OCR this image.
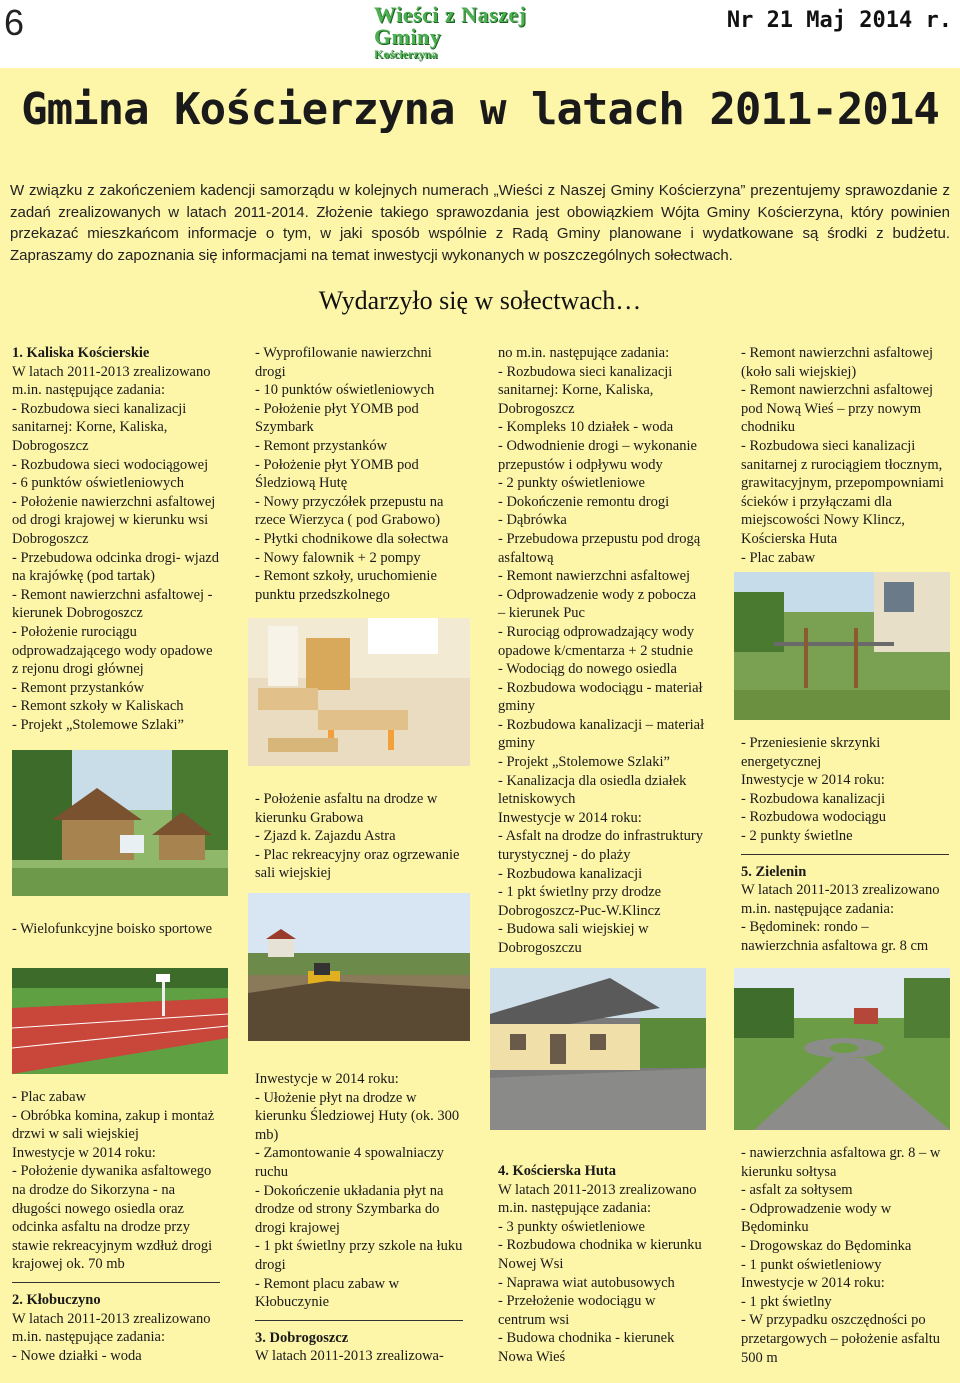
6	Wieści z Naszej Gminy
Kościerzyna
Nr 21 Maj 2014 r.
Gmina Kościerzyna w latach 2011-2014

W związku z zakończeniem kadencji samorządu w kolejnych numerach „Wieści z Naszej Gminy Kościerzyna” prezentujemy sprawozdanie z zadań zrealizowanych w latach 2011-2014. Złożenie takiego sprawozdania jest obowiązkiem Wójta Gminy Kościerzyna, który powinien przekazać mieszkańcom informacje o tym, w jaki sposób wspólnie z Radą Gminy planowane i wydatkowane są środki z budżetu. Zapraszamy do zapoznania się informacjami na temat inwestycji wykonanych w poszczególnych sołectwach.

Wydarzyło się w sołectwach…
1. Kaliska Kościerskie
W latach 2011-2013 zrealizowano m.in. następujące zadania:
- Rozbudowa sieci kanalizacji sanitarnej: Korne, Kaliska, Dobrogoszcz
- Rozbudowa sieci wodociągowej
- 6 punktów oświetleniowych
- Położenie nawierzchni asfaltowej od drogi krajowej w kierunku wsi Dobrogoszcz
- Przebudowa odcinka drogi- wjazd na krajówkę (pod tartak)
- Remont nawierzchni asfaltowej - kierunek Dobrogoszcz
- Położenie rurociągu odprowadzającego wody opadowe z rejonu drogi głównej
- Remont przystanków
- Remont szkoły w Kaliskach
- Projekt „Stolemowe Szlaki”
- Wielofunkcyjne boisko sportowe
- Plac zabaw
- Obróbka komina, zakup i montaż drzwi w sali wiejskiej
Inwestycje w 2014 roku:
- Położenie dywanika asfaltowego na drodze do Sikorzyna - na długości nowego osiedla oraz odcinka asfaltu na drodze przy stawie rekreacyjnym wzdłuż drogi krajowej ok. 70 mb
2. Kłobuczyno
W latach 2011-2013 zrealizowano m.in. następujące zadania:
- Nowe działki - woda
- Wyprofilowanie nawierzchni drogi
- 10 punktów oświetleniowych
- Położenie płyt YOMB pod Szymbark
- Remont przystanków
- Położenie płyt YOMB pod Śledziową Hutę
- Nowy przyczółek przepustu na rzece Wierzyca ( pod Grabowo)
- Płytki chodnikowe dla sołectwa
- Nowy falownik + 2 pompy
- Remont szkoły, uruchomienie punktu przedszkolnego
- Położenie asfaltu na drodze w kierunku Grabowa
- Zjazd k. Zajazdu Astra
- Plac rekreacyjny oraz ogrzewanie sali wiejskiej
Inwestycje w 2014 roku:
- Ułożenie płyt na drodze w kierunku Śledziowej Huty (ok. 300 mb)
- Zamontowanie 4 spowalniaczy ruchu
- Dokończenie układania płyt na drodze od strony Szymbarka do drogi krajowej
- 1 pkt świetlny przy szkole na łuku drogi
- Remont placu zabaw w Kłobuczynie
3. Dobrogoszcz
W latach 2011-2013 zrealizowa-
no m.in. następujące zadania:
- Rozbudowa sieci kanalizacji sanitarnej: Korne, Kaliska, Dobrogoszcz
- Kompleks 10 działek - woda
- Odwodnienie drogi – wykonanie przepustów i odpływu wody
- 2 punkty oświetleniowe
- Dokończenie remontu drogi
- Dąbrówka
- Przebudowa przepustu pod drogą asfaltową
- Remont nawierzchni asfaltowej
- Odprowadzenie wody z pobocza – kierunek Puc
- Rurociąg odprowadzający wody opadowe k/cmentarza + 2 studnie
- Wodociąg do nowego osiedla
- Rozbudowa wodociągu - materiał gminy
- Rozbudowa kanalizacji – materiał gminy
- Projekt „Stolemowe Szlaki”
- Kanalizacja dla osiedla działek letniskowych
Inwestycje w 2014 roku:
- Asfalt na drodze do infrastruktury turystycznej - do plaży
- Rozbudowa kanalizacji
- 1 pkt świetlny przy drodze Dobrogoszcz-Puc-W.Klincz
- Budowa sali wiejskiej w Dobrogoszczu
4. Kościerska Huta
W latach 2011-2013 zrealizowano m.in. następujące zadania:
- 3 punkty oświetleniowe
- Rozbudowa chodnika w kierunku Nowej Wsi
- Naprawa wiat autobusowych
- Przełożenie wodociągu w centrum wsi
- Budowa chodnika - kierunek Nowa Wieś
- Remont nawierzchni asfaltowej (koło sali wiejskiej)
- Remont nawierzchni asfaltowej pod Nową Wieś – przy nowym chodniku
- Rozbudowa sieci kanalizacji sanitarnej z rurociągiem tłocznym, grawitacyjnym, przepompowniami ścieków i przyłączami dla miejscowości Nowy Klincz, Kościerska Huta
- Plac zabaw
- Przeniesienie skrzynki energetycznej
Inwestycje w 2014 roku:
- Rozbudowa kanalizacji
- Rozbudowa wodociągu
- 2 punkty świetlne
5. Zielenin
W latach 2011-2013 zrealizowano m.in. następujące zadania:
- Będominek: rondo – nawierzchnia asfaltowa gr. 8 cm
- nawierzchnia asfaltowa gr. 8 – w kierunku sołtysa
- asfalt za sołtysem
- Odprowadzenie wody w Będominku
- Drogowskaz do Będominka
- 1 punkt oświetleniowy
Inwestycje w 2014 roku:
- 1 pkt świetlny
- W przypadku oszczędności po przetargowych – położenie asfaltu 500 m
